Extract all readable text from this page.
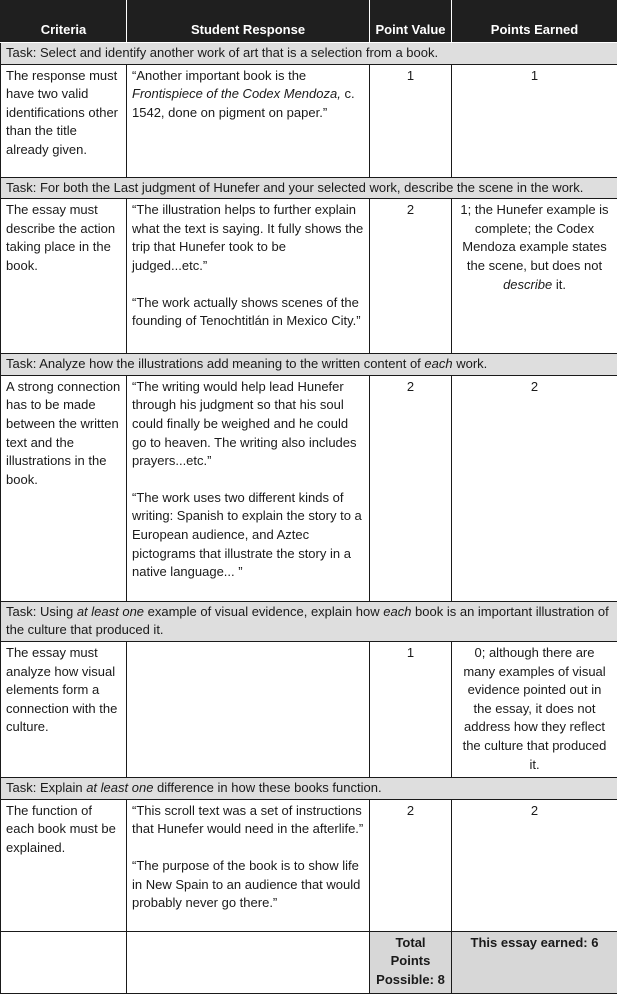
Criteria	Student Response	Point Value	Points Earned
Task: Select and identify another work of art that is a selection from a book.			
The response must have two valid identifications other than the title already given.	“Another important book is the Frontispiece of the Codex Mendoza, c. 1542, done on pigment on paper.”	1	1
Task: For both the Last judgment of Hunefer and your selected work, describe the scene in the work.			
The essay must describe the action taking place in the book.	“The illustration helps to further explain what the text is saying. It fully shows the trip that Hunefer took to be judged...etc.”

“The work actually shows scenes of the founding of Tenochtitlán in Mexico City.”	2	1; the Hunefer example is complete; the Codex Mendoza example states the scene, but does not describe it.
Task: Analyze how the illustrations add meaning to the written content of each work.			
A strong connection has to be made between the written text and the illustrations in the book.	“The writing would help lead Hunefer through his judgment so that his soul could finally be weighed and he could go to heaven. The writing also includes prayers...etc.”

“The work uses two different kinds of writing: Spanish to explain the story to a European audience, and Aztec pictograms that illustrate the story in a native language... ”	2	2
Task: Using at least one example of visual evidence, explain how each book is an important illustration of the culture that produced it.			
The essay must analyze how visual elements form a connection with the culture.		1	0; although there are many examples of visual evidence pointed out in the essay, it does not address how they reflect the culture that produced it.
Task: Explain at least one difference in how these books function.			
The function of each book must be explained.	“This scroll text was a set of instructions that Hunefer would need in the afterlife.”

“The purpose of the book is to show life in New Spain to an audience that would probably never go there.”	2	2
		Total Points Possible: 8	This essay earned: 6
